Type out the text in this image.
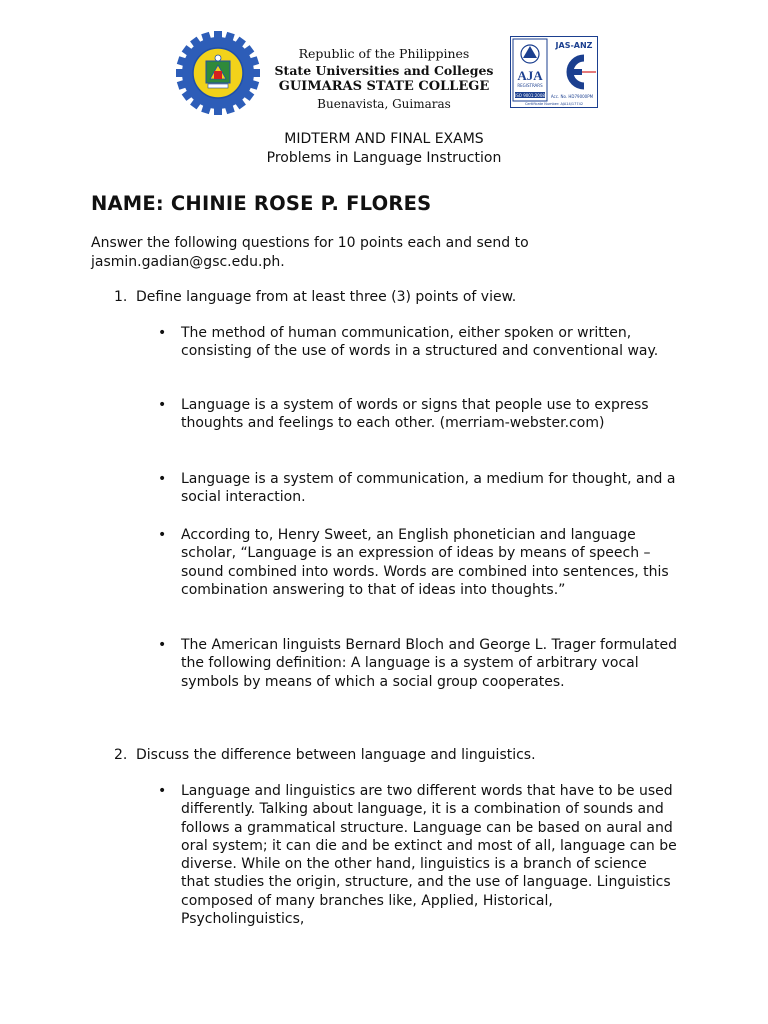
Republic of the Philippines
State Universities and Colleges
GUIMARAS STATE COLLEGE
Buenavista, Guimaras
AJA
REGISTRARS
ISO 9001:2008
JAS-ANZ
Acc. No. HD79000PM
Certificate Number: AJA14/17742
MIDTERM AND FINAL EXAMS
Problems in Language Instruction
NAME: CHINIE ROSE P. FLORES
Answer the following questions for 10 points each and send to jasmin.gadian@gsc.edu.ph.
1. Define language from at least three (3) points of view.
• The method of human communication, either spoken or written, consisting of the use of words in a structured and conventional way.
• Language is a system of words or signs that people use to express thoughts and feelings to each other. (merriam-webster.com)
• Language is a system of communication, a medium for thought, and a social interaction.
• According to, Henry Sweet, an English phonetician and language scholar, “Language is an expression of ideas by means of speech – sound combined into words. Words are combined into sentences, this combination answering to that of ideas into thoughts.”
• The American linguists Bernard Bloch and George L. Trager formulated the following definition: A language is a system of arbitrary vocal symbols by means of which a social group cooperates.
2. Discuss the difference between language and linguistics.
• Language and linguistics are two different words that have to be used differently. Talking about language, it is a combination of sounds and follows a grammatical structure. Language can be based on aural and oral system; it can die and be extinct and most of all, language can be diverse. While on the other hand, linguistics is a branch of science that studies the origin, structure, and the use of language. Linguistics composed of many branches like, Applied, Historical, Psycholinguistics,
